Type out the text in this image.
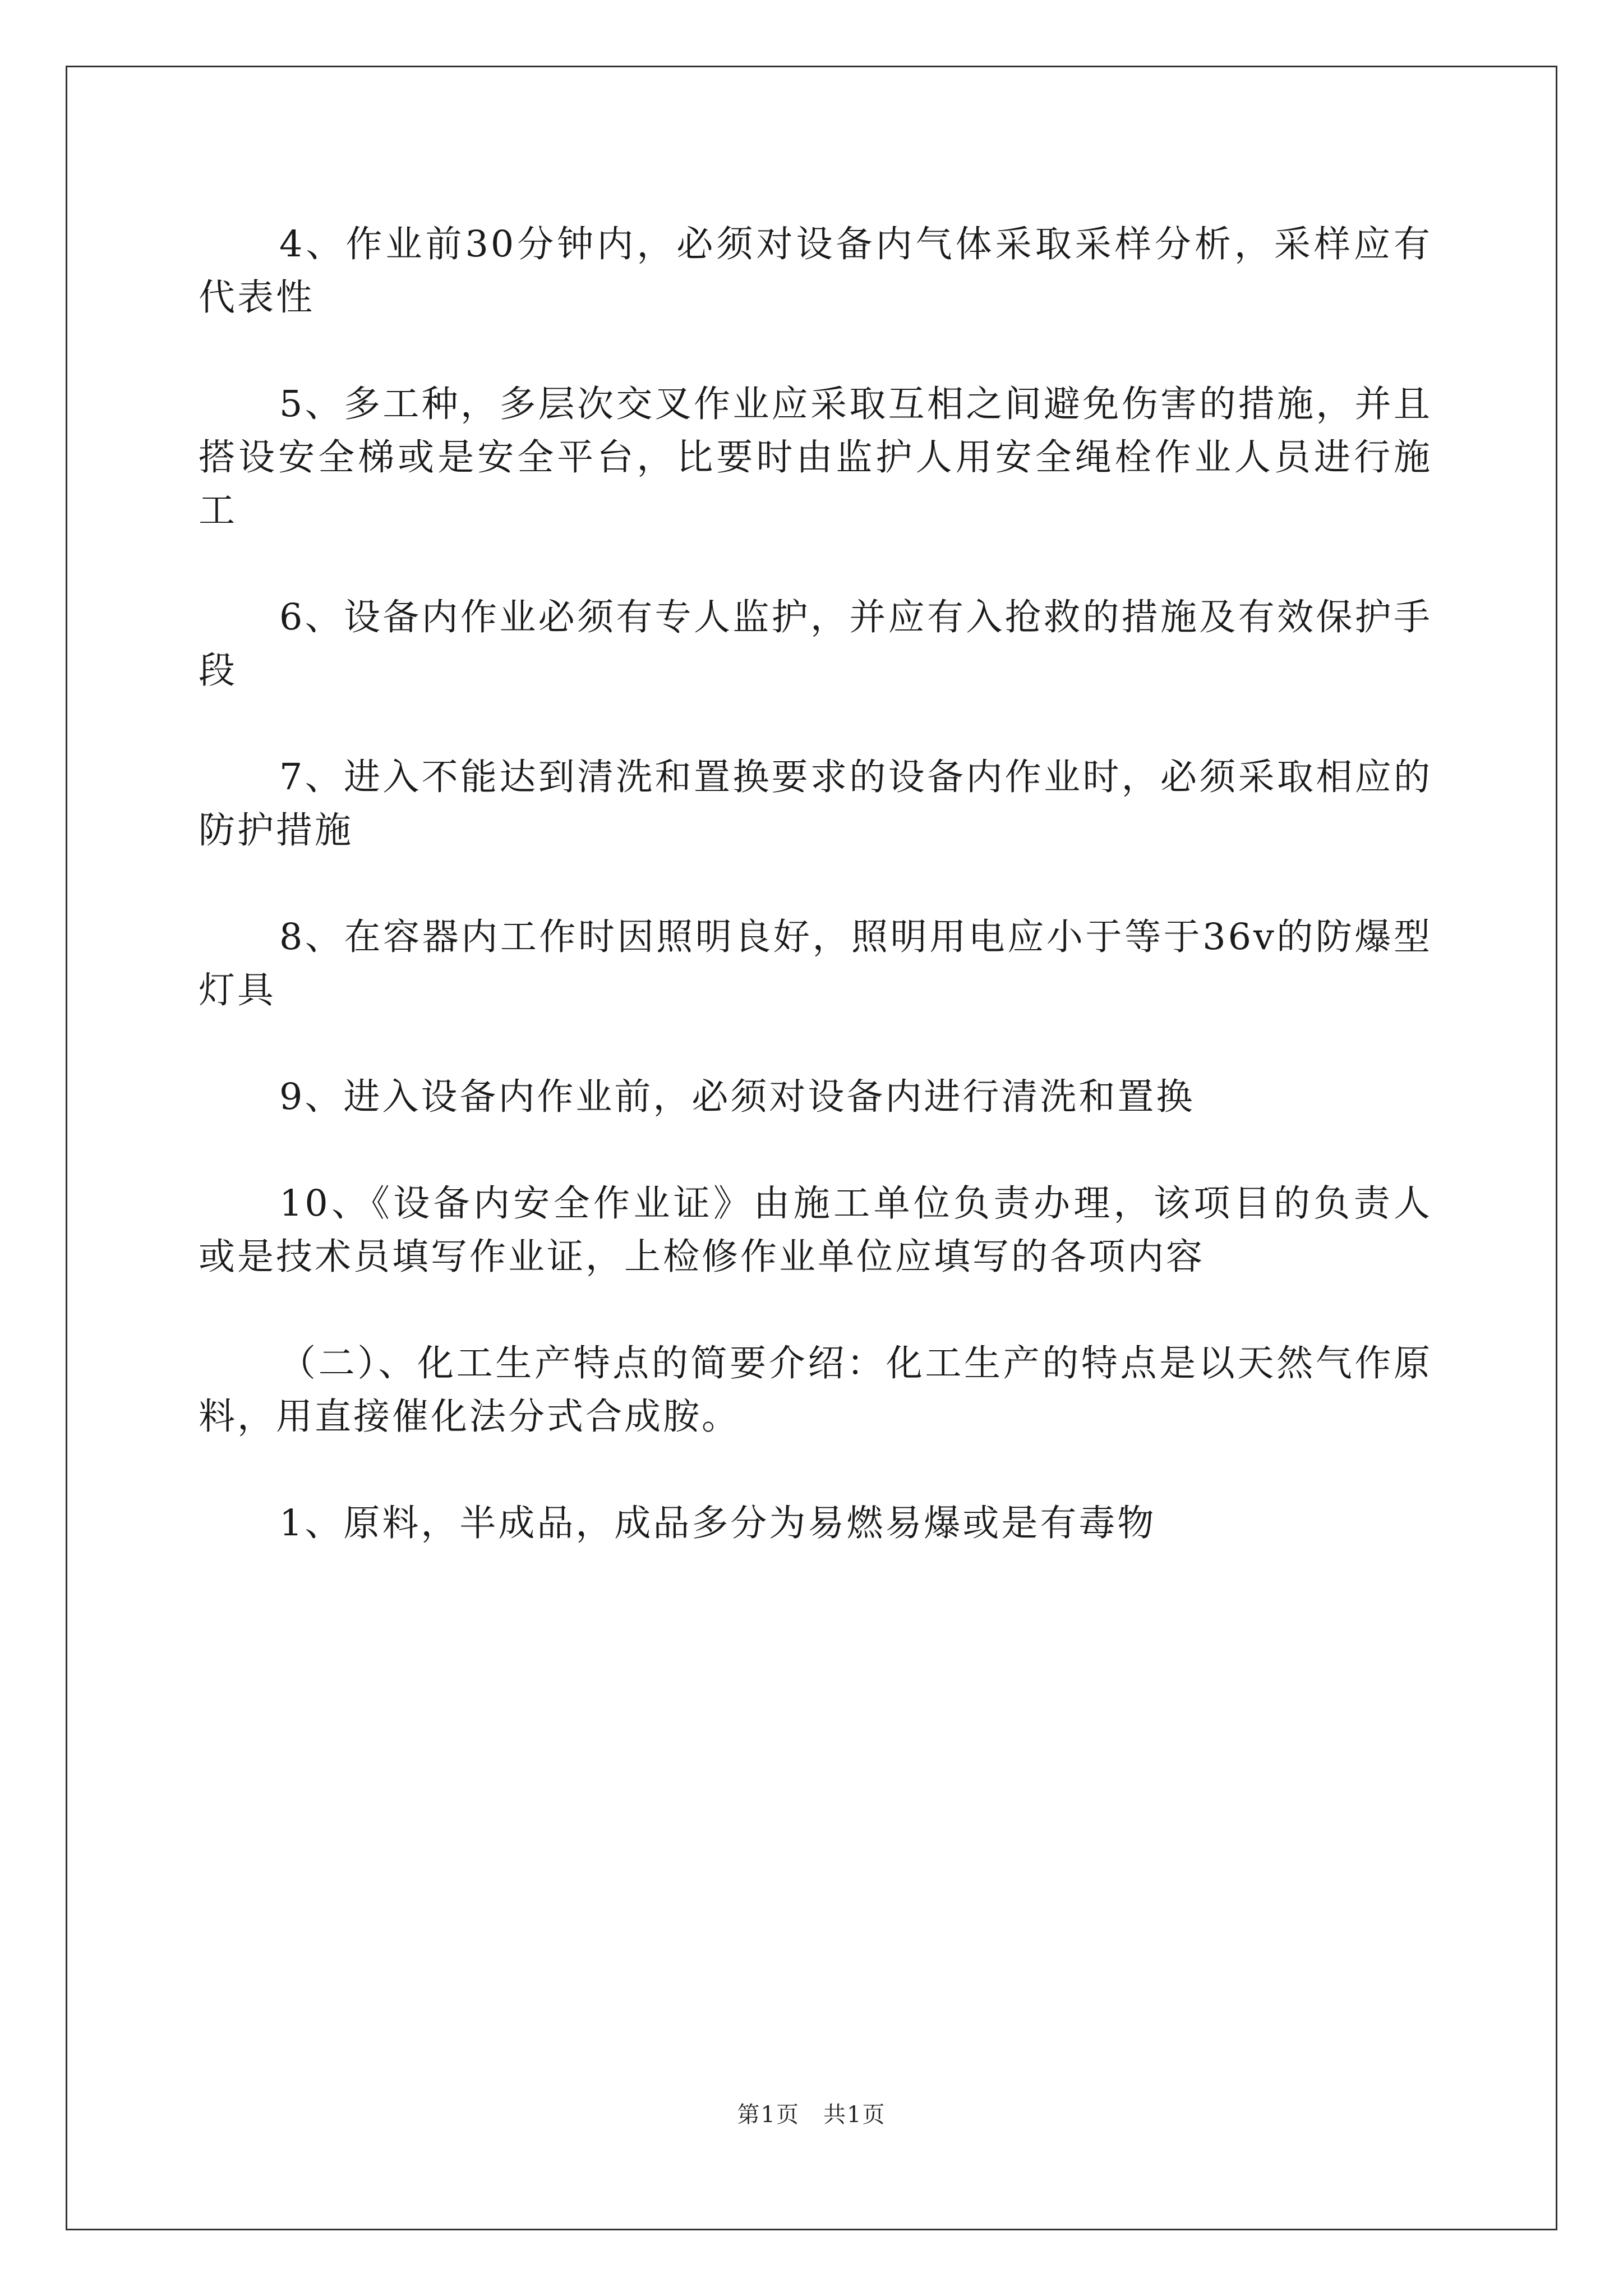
4、作业前30分钟内，必须对设备内气体采取采样分析，采样应有代表性

5、多工种，多层次交叉作业应采取互相之间避免伤害的措施，并且搭设安全梯或是安全平台，比要时由监护人用安全绳栓作业人员进行施工

6、设备内作业必须有专人监护，并应有入抢救的措施及有效保护手段

7、进入不能达到清洗和置换要求的设备内作业时，必须采取相应的防护措施

8、在容器内工作时因照明良好，照明用电应小于等于36v的防爆型灯具

9、进入设备内作业前，必须对设备内进行清洗和置换

10、《设备内安全作业证》由施工单位负责办理，该项目的负责人或是技术员填写作业证，上检修作业单位应填写的各项内容

（二）、化工生产特点的简要介绍：化工生产的特点是以天然气作原料，用直接催化法分式合成胺。

1、原料，半成品，成品多分为易燃易爆或是有毒物

第1页　共1页
